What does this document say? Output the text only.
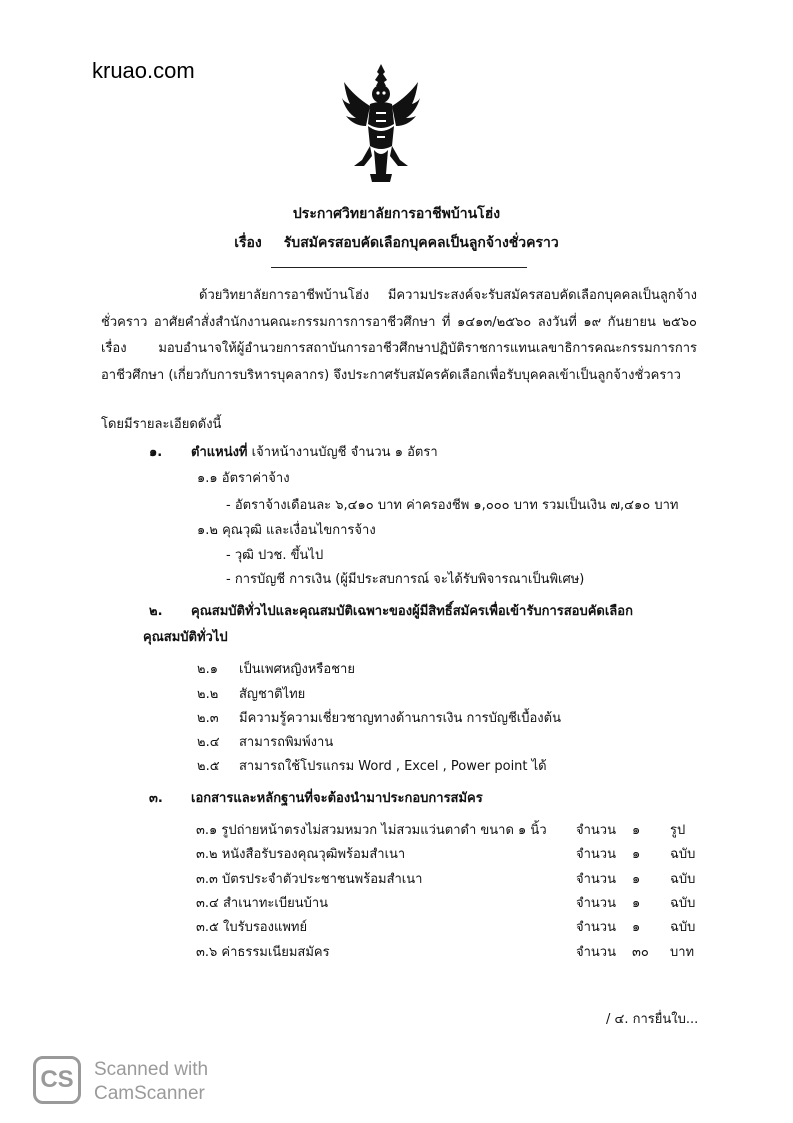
kruao.com
ประกาศวิทยาลัยการอาชีพบ้านโฮ่ง
เรื่อง รับสมัครสอบคัดเลือกบุคคลเป็นลูกจ้างชั่วคราว
ด้วยวิทยาลัยการอาชีพบ้านโฮ่ง มีความประสงค์จะรับสมัครสอบคัดเลือกบุคคลเป็นลูกจ้างชั่วคราว อาศัยคำสั่งสำนักงานคณะกรรมการการอาชีวศึกษา ที่ ๑๔๑๓/๒๕๖๐ ลงวันที่ ๑๙ กันยายน ๒๕๖๐ เรื่อง มอบอำนาจให้ผู้อำนวยการสถาบันการอาชีวศึกษาปฏิบัติราชการแทนเลขาธิการคณะกรรมการการอาชีวศึกษา (เกี่ยวกับการบริหารบุคลากร) จึงประกาศรับสมัครคัดเลือกเพื่อรับบุคคลเข้าเป็นลูกจ้างชั่วคราว
โดยมีรายละเอียดดังนี้
๑. ตำแหน่งที่ เจ้าหน้างานบัญชี จำนวน ๑ อัตรา
๑.๑ อัตราค่าจ้าง
- อัตราจ้างเดือนละ ๖,๔๑๐ บาท ค่าครองชีพ ๑,๐๐๐ บาท รวมเป็นเงิน ๗,๔๑๐ บาท
๑.๒ คุณวุฒิ และเงื่อนไขการจ้าง
- วุฒิ ปวช. ขึ้นไป
- การบัญชี การเงิน (ผู้มีประสบการณ์ จะได้รับพิจารณาเป็นพิเศษ)
๒. คุณสมบัติทั่วไปและคุณสมบัติเฉพาะของผู้มีสิทธิ์สมัครเพื่อเข้ารับการสอบคัดเลือก
คุณสมบัติทั่วไป
๒.๑ เป็นเพศหญิงหรือชาย
๒.๒ สัญชาติไทย
๒.๓ มีความรู้ความเชี่ยวชาญทางด้านการเงิน การบัญชีเบื้องต้น
๒.๔ สามารถพิมพ์งาน
๒.๕ สามารถใช้โปรแกรม Word , Excel , Power point ได้
๓. เอกสารและหลักฐานที่จะต้องนำมาประกอบการสมัคร
๓.๑ รูปถ่ายหน้าตรงไม่สวมหมวก ไม่สวมแว่นตาดำ ขนาด ๑ นิ้ว จำนวน ๑ รูป
๓.๒ หนังสือรับรองคุณวุฒิพร้อมสำเนา	จำนวน ๑ ฉบับ
๓.๓ บัตรประจำตัวประชาชนพร้อมสำเนา	จำนวน ๑ ฉบับ
๓.๔ สำเนาทะเบียนบ้าน	จำนวน ๑ ฉบับ
๓.๕ ใบรับรองแพทย์	จำนวน ๑ ฉบับ
๓.๖ ค่าธรรมเนียมสมัคร	จำนวน ๓๐ บาท
/ ๔. การยื่นใบ...
CS	Scanned with
CamScanner
